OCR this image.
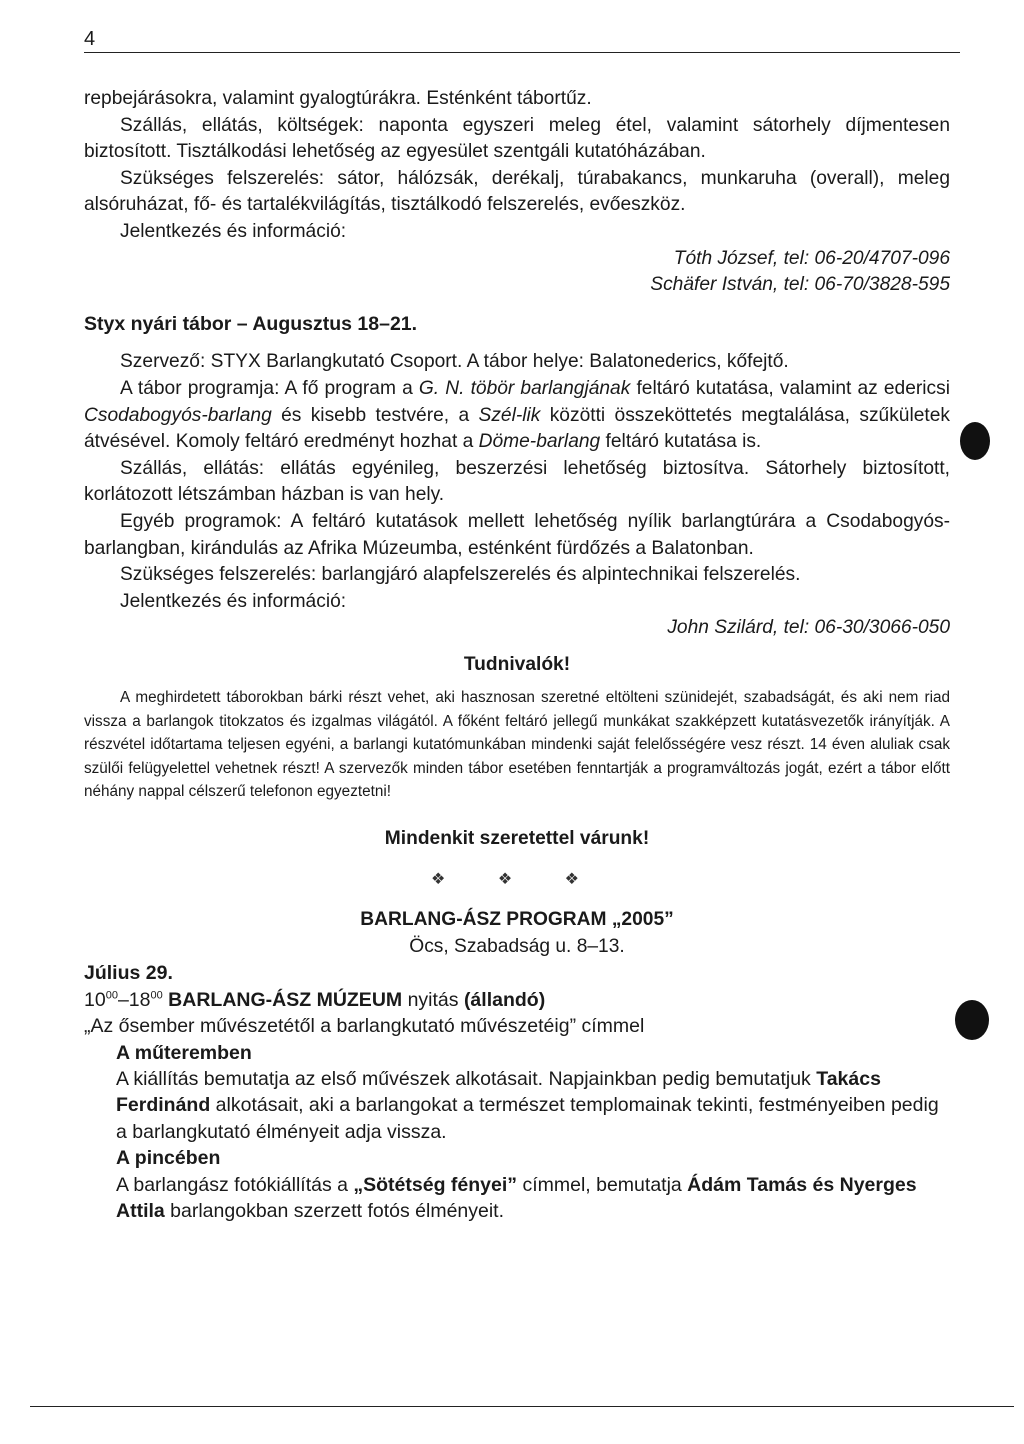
4

repbejárásokra, valamint gyalogtúrákra. Esténként tábortűz.

Szállás, ellátás, költségek: naponta egyszeri meleg étel, valamint sátorhely díjmentesen biztosított. Tisztálkodási lehetőség az egyesület szentgáli kutatóházában.

Szükséges felszerelés: sátor, hálózsák, derékalj, túrabakancs, munkaruha (overall), meleg alsóruházat, fő- és tartalékvilágítás, tisztálkodó felszerelés, evőeszköz.

Jelentkezés és információ:

Tóth József, tel: 06-20/4707-096

Schäfer István, tel: 06-70/3828-595

Styx nyári tábor – Augusztus 18–21.

Szervező: STYX Barlangkutató Csoport. A tábor helye: Balatonederics, kőfejtő.

A tábor programja: A fő program a G. N. töbör barlangjának feltáró kutatása, valamint az edericsi Csodabogyós-barlang és kisebb testvére, a Szél-lik közötti összeköttetés megtalálása, szűkületek átvésével. Komoly feltáró eredményt hozhat a Döme-barlang feltáró kutatása is.

Szállás, ellátás: ellátás egyénileg, beszerzési lehetőség biztosítva. Sátorhely biztosított, korlátozott létszámban házban is van hely.

Egyéb programok: A feltáró kutatások mellett lehetőség nyílik barlangtúrára a Csodabogyós-barlangban, kirándulás az Afrika Múzeumba, esténként fürdőzés a Balatonban.

Szükséges felszerelés: barlangjáró alapfelszerelés és alpintechnikai felszerelés.

Jelentkezés és információ:

John Szilárd, tel: 06-30/3066-050

Tudnivalók!

A meghirdetett táborokban bárki részt vehet, aki hasznosan szeretné eltölteni szünidejét, szabadságát, és aki nem riad vissza a barlangok titokzatos és izgalmas világától. A főként feltáró jellegű munkákat szakképzett kutatásvezetők irányítják. A részvétel időtartama teljesen egyéni, a barlangi kutatómunkában mindenki saját felelősségére vesz részt. 14 éven aluliak csak szülői felügyelettel vehetnek részt! A szervezők minden tábor esetében fenntartják a programváltozás jogát, ezért a tábor előtt néhány nappal célszerű telefonon egyeztetni!

Mindenkit szeretettel várunk!
❖ ❖ ❖
BARLANG-ÁSZ PROGRAM „2005”
Öcs, Szabadság u. 8–13.

Július 29.

$10^{00}-18^{00}$ BARLANG-ÁSZ MÚZEUM nyitás (állandó)

„Az ősember művészetétől a barlangkutató művészetéig” címmel

A műteremben

A kiállítás bemutatja az első művészek alkotásait. Napjainkban pedig bemutatjuk Takács Ferdinánd alkotásait, aki a barlangokat a természet templomainak tekinti, festményeiben pedig a barlangkutató élményeit adja vissza.

A pincében

A barlangász fotókiállítás a „Sötétség fényei” címmel, bemutatja Ádám Tamás és Nyerges Attila barlangokban szerzett fotós élményeit.
